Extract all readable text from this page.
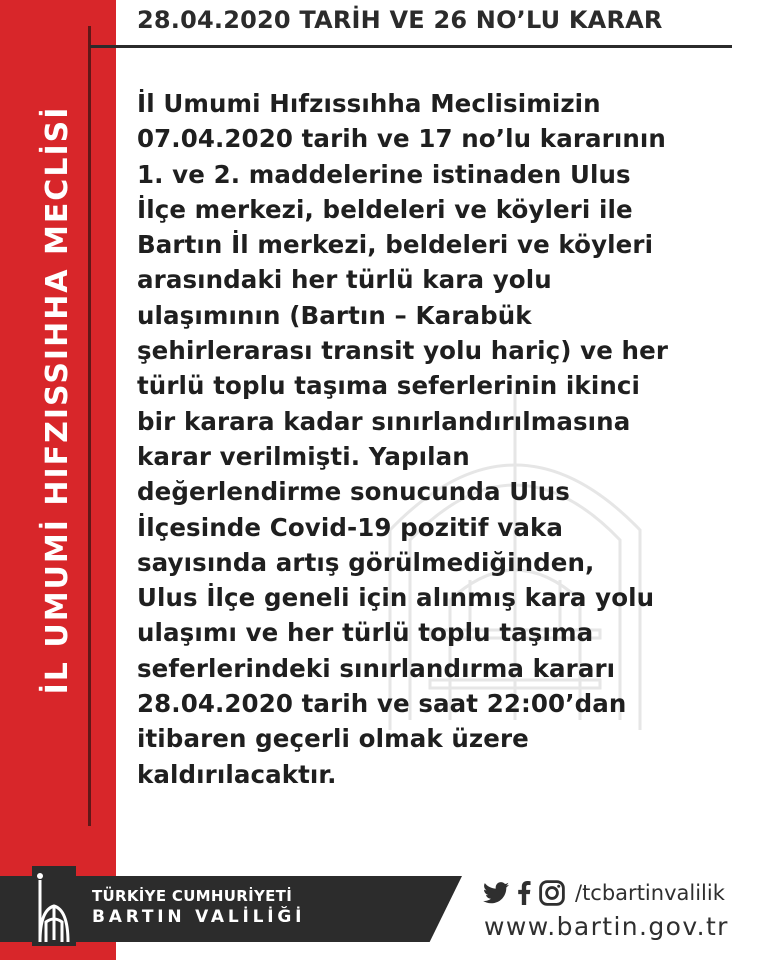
İL UMUMİ HIFZISSIHHA MECLİSİ
28.04.2020 TARİH VE 26 NO’LU KARAR

İl Umumi Hıfzıssıhha Meclisimizin
07.04.2020 tarih ve 17 no’lu kararının
1. ve 2. maddelerine istinaden Ulus
İlçe merkezi, beldeleri ve köyleri ile
Bartın İl merkezi, beldeleri ve köyleri
arasındaki her türlü kara yolu
ulaşımının (Bartın – Karabük
şehirlerarası transit yolu hariç) ve her
türlü toplu taşıma seferlerinin ikinci
bir karara kadar sınırlandırılmasına
karar verilmişti. Yapılan
değerlendirme sonucunda Ulus
İlçesinde Covid-19 pozitif vaka
sayısında artış görülmediğinden,
Ulus İlçe geneli için alınmış kara yolu
ulaşımı ve her türlü toplu taşıma
seferlerindeki sınırlandırma kararı
28.04.2020 tarih ve saat 22:00’dan
itibaren geçerli olmak üzere
kaldırılacaktır.

TÜRKİYE CUMHURİYETİ
BARTIN VALİLİĞİ
/tcbartinvalilik
www.bartin.gov.tr
